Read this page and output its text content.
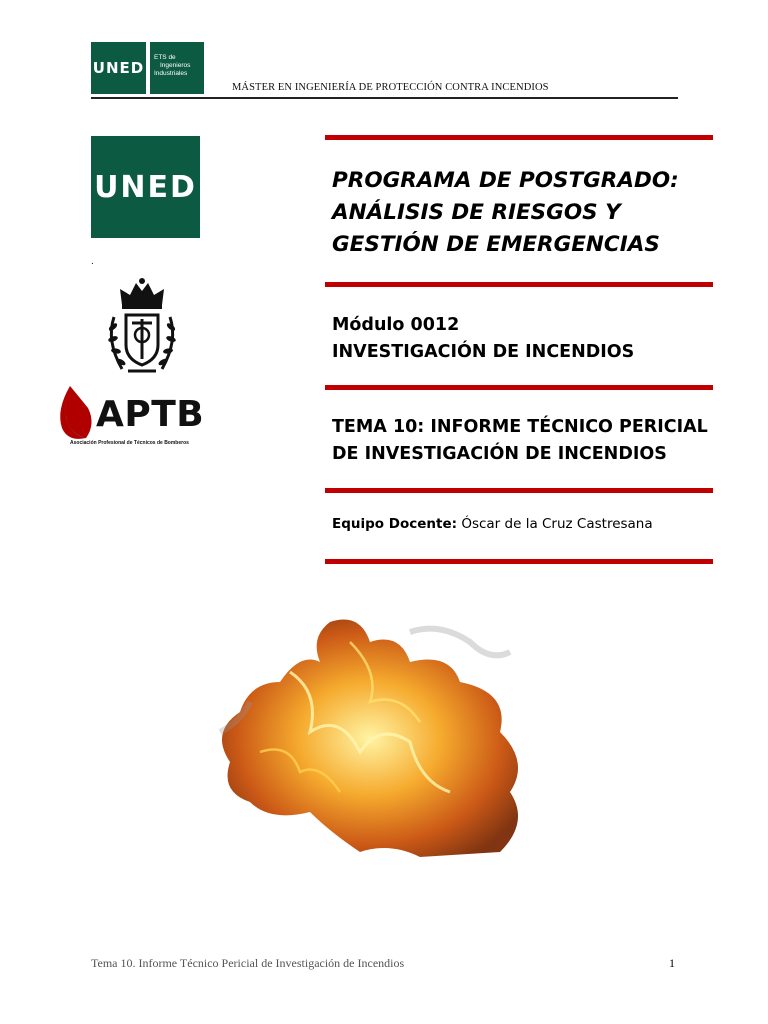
UNED
ETS de
Ingenieros
Industriales
MÁSTER EN INGENIERÍA DE PROTECCIÓN CONTRA INCENDIOS
UNED
.
APTB
Asociación Profesional de Técnicos de Bomberos
PROGRAMA DE POSTGRADO:
ANÁLISIS DE RIESGOS Y
GESTIÓN DE EMERGENCIAS
Módulo 0012
INVESTIGACIÓN DE INCENDIOS
TEMA 10: INFORME TÉCNICO PERICIAL
DE INVESTIGACIÓN DE INCENDIOS
Equipo Docente: Óscar de la Cruz Castresana
Tema 10. Informe Técnico Pericial de Investigación de Incendios	1
